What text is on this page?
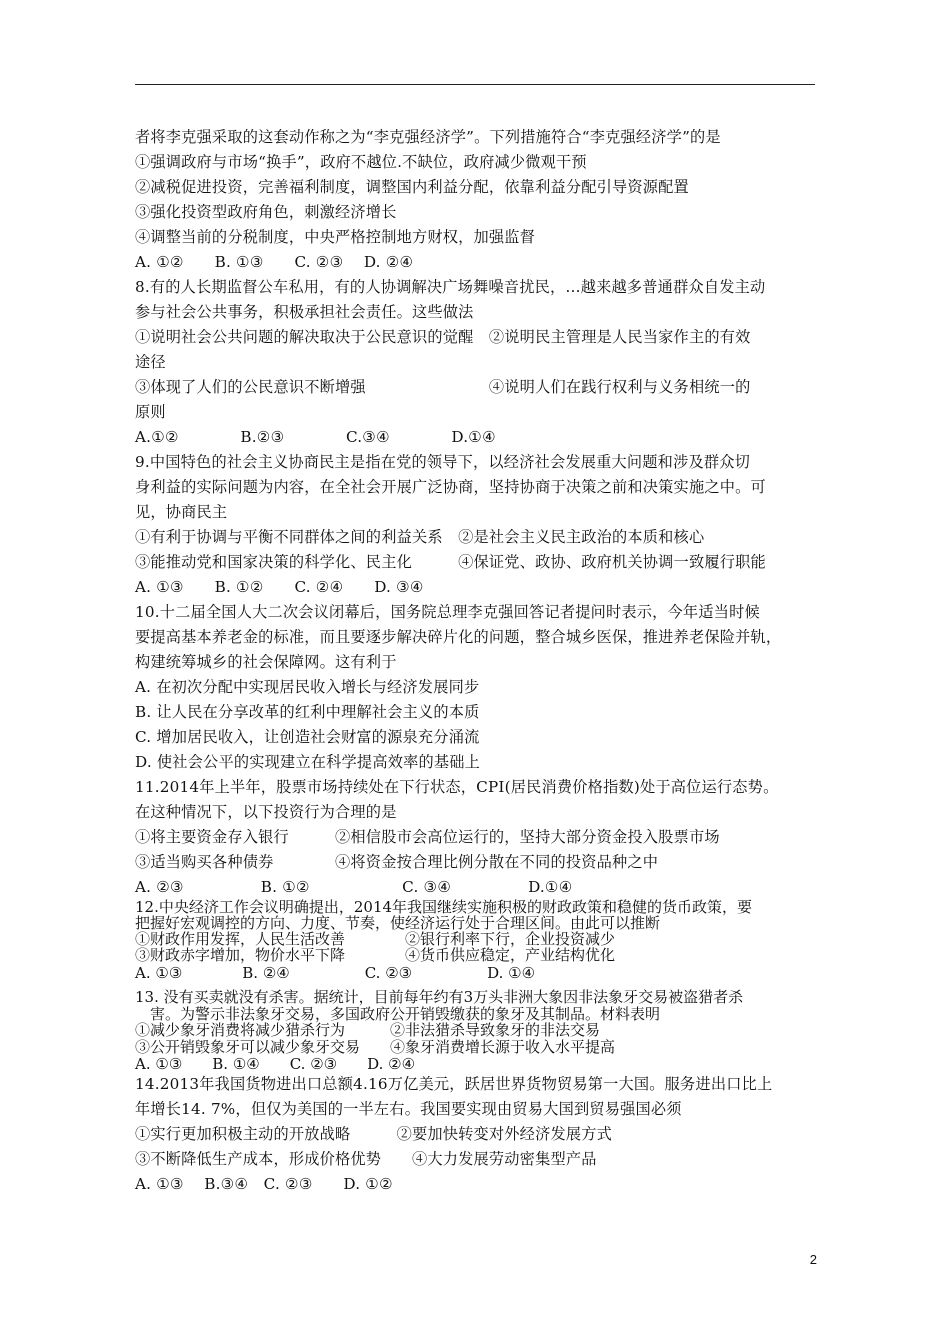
者将李克强采取的这套动作称之为“李克强经济学”。下列措施符合“李克强经济学”的是
①强调政府与市场“换手”，政府不越位.不缺位，政府减少微观干预
②减税促进投资，完善福利制度，调整国内利益分配，依靠利益分配引导资源配置
③强化投资型政府角色，刺激经济增长
④调整当前的分税制度，中央严格控制地方财权，加强监督
A. ①②　　B. ①③　　C. ②③　 D. ②④
8.有的人长期监督公车私用，有的人协调解决广场舞噪音扰民，…越来越多普通群众自发主动
参与社会公共事务，积极承担社会责任。这些做法
①说明社会公共问题的解决取决于公民意识的觉醒　②说明民主管理是人民当家作主的有效
途径
③体现了人们的公民意识不断增强　　　　　　　　④说明人们在践行权利与义务相统一的
原则
A.①②　　　　B.②③　　　　C.③④　　　　D.①④
9.中国特色的社会主义协商民主是指在党的领导下，以经济社会发展重大问题和涉及群众切
身利益的实际问题为内容，在全社会开展广泛协商，坚持协商于决策之前和决策实施之中。可
见，协商民主
①有利于协调与平衡不同群体之间的利益关系　②是社会主义民主政治的本质和核心
③能推动党和国家决策的科学化、民主化　　　④保证党、政协、政府机关协调一致履行职能
A. ①③　　B. ①②　　C. ②④　　D. ③④
10.十二届全国人大二次会议闭幕后，国务院总理李克强回答记者提问时表示，今年适当时候
要提高基本养老金的标准，而且要逐步解决碎片化的问题，整合城乡医保，推进养老保险并轨，
构建统筹城乡的社会保障网。这有利于
A. 在初次分配中实现居民收入增长与经济发展同步
B. 让人民在分享改革的红利中理解社会主义的本质
C. 增加居民收入，让创造社会财富的源泉充分涌流
D. 使社会公平的实现建立在科学提高效率的基础上
11.2014年上半年，股票市场持续处在下行状态，CPI(居民消费价格指数)处于高位运行态势。
在这种情况下，以下投资行为合理的是
①将主要资金存入银行　　　②相信股市会高位运行的，坚持大部分资金投入股票市场
③适当购买各种债券　　　　④将资金按合理比例分散在不同的投资品种之中
A. ②③　　　　　B. ①②　　　　　　C. ③④　　　　　D.①④
12.中央经济工作会议明确提出，2014年我国继续实施积极的财政政策和稳健的货币政策，要
把握好宏观调控的方向、力度、节奏，使经济运行处于合理区间。由此可以推断
①财政作用发挥，人民生活改善　　　　②银行利率下行，企业投资减少
③财政赤字增加，物价水平下降　　　　④货币供应稳定，产业结构优化
A. ①③　　　　B. ②④　　　　　C. ②③　　　　　D. ①④
13. 没有买卖就没有杀害。据统计，目前每年约有3万头非洲大象因非法象牙交易被盗猎者杀
　害。为警示非法象牙交易，多国政府公开销毁缴获的象牙及其制品。材料表明
①减少象牙消费将减少猎杀行为　　　②非法猎杀导致象牙的非法交易
③公开销毁象牙可以减少象牙交易　　④象牙消费增长源于收入水平提高
A. ①③　　B. ①④　　C. ②③　　D. ②④
14.2013年我国货物进出口总额4.16万亿美元，跃居世界货物贸易第一大国。服务进出口比上
年增长14. 7%，但仅为美国的一半左右。我国要实现由贸易大国到贸易强国必须
①实行更加积极主动的开放战略　　　②要加快转变对外经济发展方式
③不断降低生产成本，形成价格优势　　④大力发展劳动密集型产品
A. ①③　 B.③④　C. ②③　　D. ①②
2
